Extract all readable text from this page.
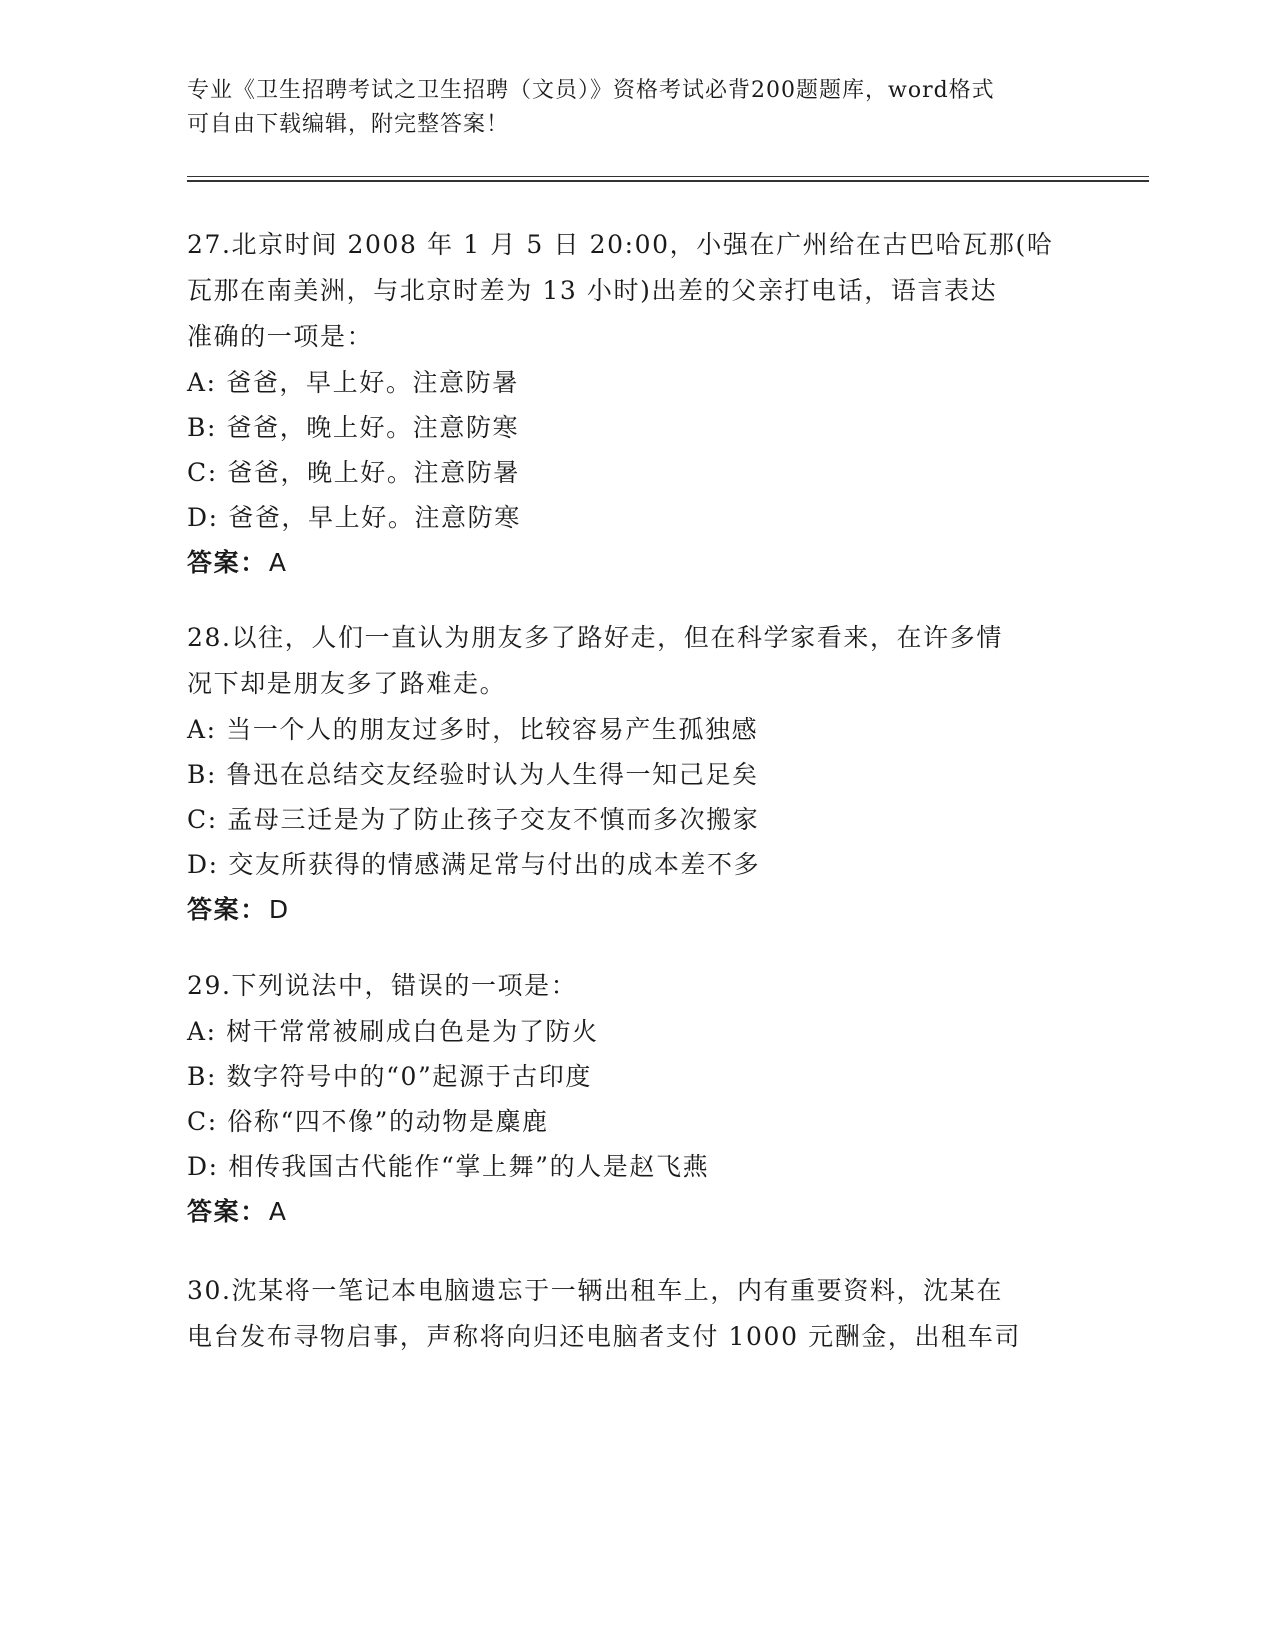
专业《卫生招聘考试之卫生招聘（文员）》资格考试必背200题题库，word格式
可自由下载编辑，附完整答案！
27.北京时间 2008 年 1 月 5 日 20:00，小强在广州给在古巴哈瓦那(哈
瓦那在南美洲，与北京时差为 13 小时)出差的父亲打电话，语言表达
准确的一项是：
A: 爸爸，早上好。注意防暑
B: 爸爸，晚上好。注意防寒
C: 爸爸，晚上好。注意防暑
D: 爸爸，早上好。注意防寒
答案：A
28.以往，人们一直认为朋友多了路好走，但在科学家看来，在许多情
况下却是朋友多了路难走。
A: 当一个人的朋友过多时，比较容易产生孤独感
B: 鲁迅在总结交友经验时认为人生得一知己足矣
C: 孟母三迁是为了防止孩子交友不慎而多次搬家
D: 交友所获得的情感满足常与付出的成本差不多
答案：D
29.下列说法中，错误的一项是：
A: 树干常常被刷成白色是为了防火
B: 数字符号中的“0”起源于古印度
C: 俗称“四不像”的动物是麋鹿
D: 相传我国古代能作“掌上舞”的人是赵飞燕
答案：A
30.沈某将一笔记本电脑遗忘于一辆出租车上，内有重要资料，沈某在
电台发布寻物启事，声称将向归还电脑者支付 1000 元酬金，出租车司
